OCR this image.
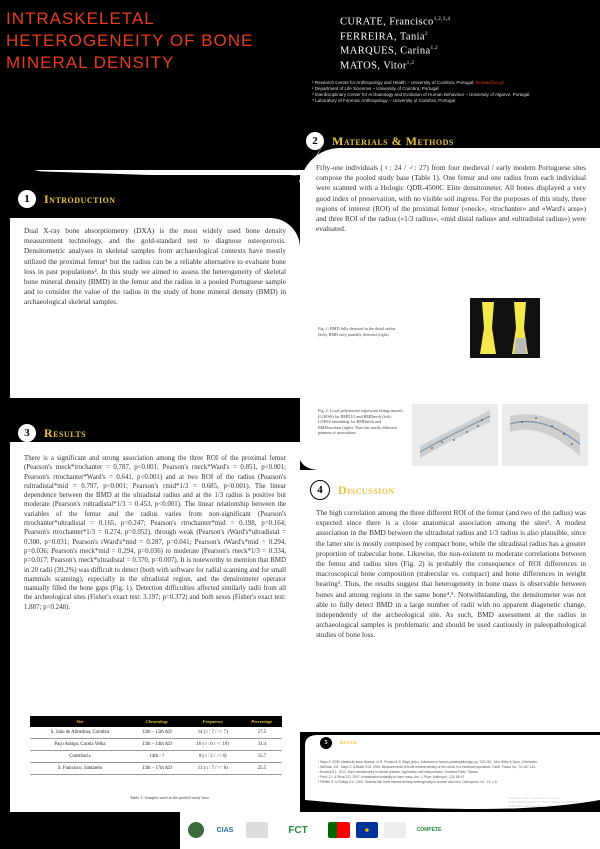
INTRASKELETAL HETEROGENEITY OF BONE MINERAL DENSITY
CURATE, Francisco$^{1,2,3,4}$
FERREIRA, Tania$^2$
MARQUES, Carina$^{1,2}$
MATOS, Vitor$^{1,2}$
¹ Research Centre for Anthropology and Health – University of Coimbra, Portugal; fcurate@uc.pt
² Department of Life Sciences – University of Coimbra, Portugal
³ Interdisciplinary Center for Archaeology and Evolution of Human Behaviour – University of Algarve, Portugal
⁴ Laboratory of Forensic Anthropology – University of Coimbra, Portugal
2	Materials & Methods
Fifty-one individuals (♀: 24 / ♂: 27) from four medieval / early modern Portuguese sites compose the pooled study base (Table 1). One femur and one radius from each individual were scanned with a Hologic QDR-4500C Elite densitometer. All bones displayed a very good index of preservation, with no visible soil ingress. For the purposes of this study, three regions of interest (ROI) of the proximal femur («neck», «trochanter» and «Ward's area») and three ROI of the radius («1/3 radius», «mid distal radius» and «ultradistal radius») were evaluated.
Fig. 1: BMD fully detected in the distal radius (left); BMD only partially detected (right).
Fig. 2: Local polynomial regression fitting smooth (LOESS) for BMD1/3 and BMDneck (left); LOESS smoothing for BMDneck and BMDtrochant (right). Note the utterly different patterns of association.
1	Introduction
Dual X-ray bone absorptiometry (DXA) is the most widely used bone density measurement technology, and the gold-standard test to diagnose osteoporosis. Densitometric analyses in skeletal samples from archaeological contexts have mostly utilized the proximal femur¹ but the radius can be a reliable alternative to evaluate bone loss in past populations². In this study we aimed to assess the heterogeneity of skeletal bone mineral density (BMD) in the femur and the radius in a pooled Portuguese sample and to consider the value of the radius in the study of bone mineral density (BMD) in archaeological skeletal samples.
3	Results
There is a significant and strong association among the three ROI of the proximal femur (Pearson's rneck*trochanter = 0.787, p<0.001; Pearson's rneck*Ward's = 0.851, p<0.001; Pearson's rtrochanter*Ward's = 0.641, p<0.001) and at two ROI of the radius (Pearson's rultradistal*mid = 0.797, p<0.001; Pearson's rmid*1/3 = 0.685, p<0.001). The linear dependence between the BMD at the ultradistal radius and at the 1/3 radius is positive but moderate (Pearson's rultradistal*1/3 = 0.453, p<0.001). The linear relationship between the variables of the femur and the radius varies from non-significant (Pearson's rtrochanter*ultradistal = 0.165, p=0.247; Pearson's rtrochanter*mid = 0.198, p=0.164; Pearson's rtrochanter*1/3 = 0.274, p=0.052), through weak (Pearson's rWard's*ultradistal = 0.300, p=0.031; Pearson's rWard's*mid = 0.287, p=0.041; Pearson's rWard's*mid = 0.294, p=0.036; Pearson's rneck*mid = 0.294, p=0.036) to moderate (Pearson's rneck*1/3 = 0.334, p=0.017; Pearson's rneck*ultradistal = 0.370, p=0.007). It is noteworthy to mention that BMD in 20 radii (39,2%) was difficult to detect (both with software for radial scanning and for small mammals scanning), especially in the ultradistal region, and the densitometer operator manually filled the bone gaps (Fig. 1). Detection difficulties affected similarly radii from all the archeological sites (Fisher's exact test: 3.197; p=0.372) and both sexes (Fisher's exact test: 1.887; p=0.248).
Site	Chronology	Frequency	Percentage
S. João de Almedina, Coimbra	12th – 15th AD	14 (♀: 7 / ♂: 7)	27.5
Paço Antigo, Cacela Velha	13th – 14th AD	16 (♀: 6 / ♂: 10)	31.4
Constância	14th - ?	8 (♀: 2 / ♂: 6)	15.7
S. Francisco, Santarém	13th – 17th AD	13 (♀: 7 / ♂: 6)	25.5
Table 1: Samples used in the pooled study base.
4	Discussion
The high correlation among the three different ROI of the femur (and two of the radius) was expected since there is a close anatomical association among the sites². A modest association in the BMD between the ultradistal radius and 1/3 radius is also plausible, since the latter site is mostly composed by compact bone, while the ultradistal radius has a greater proportion of trabecular bone. Likewise, the non-existent to moderate correlations between the femur and radius sites (Fig. 2) is probably the consequence of ROI differences in macroscopical bone composition (trabecular vs. compact) and bone differences in weight bearing³. Thus, the results suggest that heterogeneity in bone mass is observable between bones and among regions in the same bone⁴,⁵. Notwithstanding, the densitometer was not able to fully detect BMD in a large number of radii with no apparent diagenetic change, independently of the archeological site. As such, BMD assessment at the radius in archaeological samples is problematic and should be used cautiously in paleopathological studies of bone loss.
5	Refer.
¹ Mays S. 2008. Metabolic bone disease. In R. Pinhasi & S. Mays (eds.), Advances in human palaeopathology, pp. 215-251. John Wiley & Sons, Chichester.
² McEwan J.M., Mays S. & Blake G.M. 2004. Measurements of bone mineral density of the radius in a medieval population. Calcif. Tissue Int., 74: 157-161.
³ Bonnick S.L. 2010. Bone densitometry in clinical practice. Application and interpretation. Humana Press, Totowa.
⁴ Peck J.J. & Stout S.D. 2007. Intraskeletal variability in bone mass. Am. J. Phys. Anthropol., 132: 89-97.
⁵ Pfeiffer S. & Phillips K.C. 2001. Skeletal site bone mineral density heterogeneity in women and men. Osteoporos. Int., 12: 1-6.
Fundação para a Ciência e Tecnologia SFRH/BPD/74015/2010; PEST-OE/SADG/UI0283/2013; PTDC/HIS-ARQ/101299/2008
CIAS	FCT	★	COMPETE
